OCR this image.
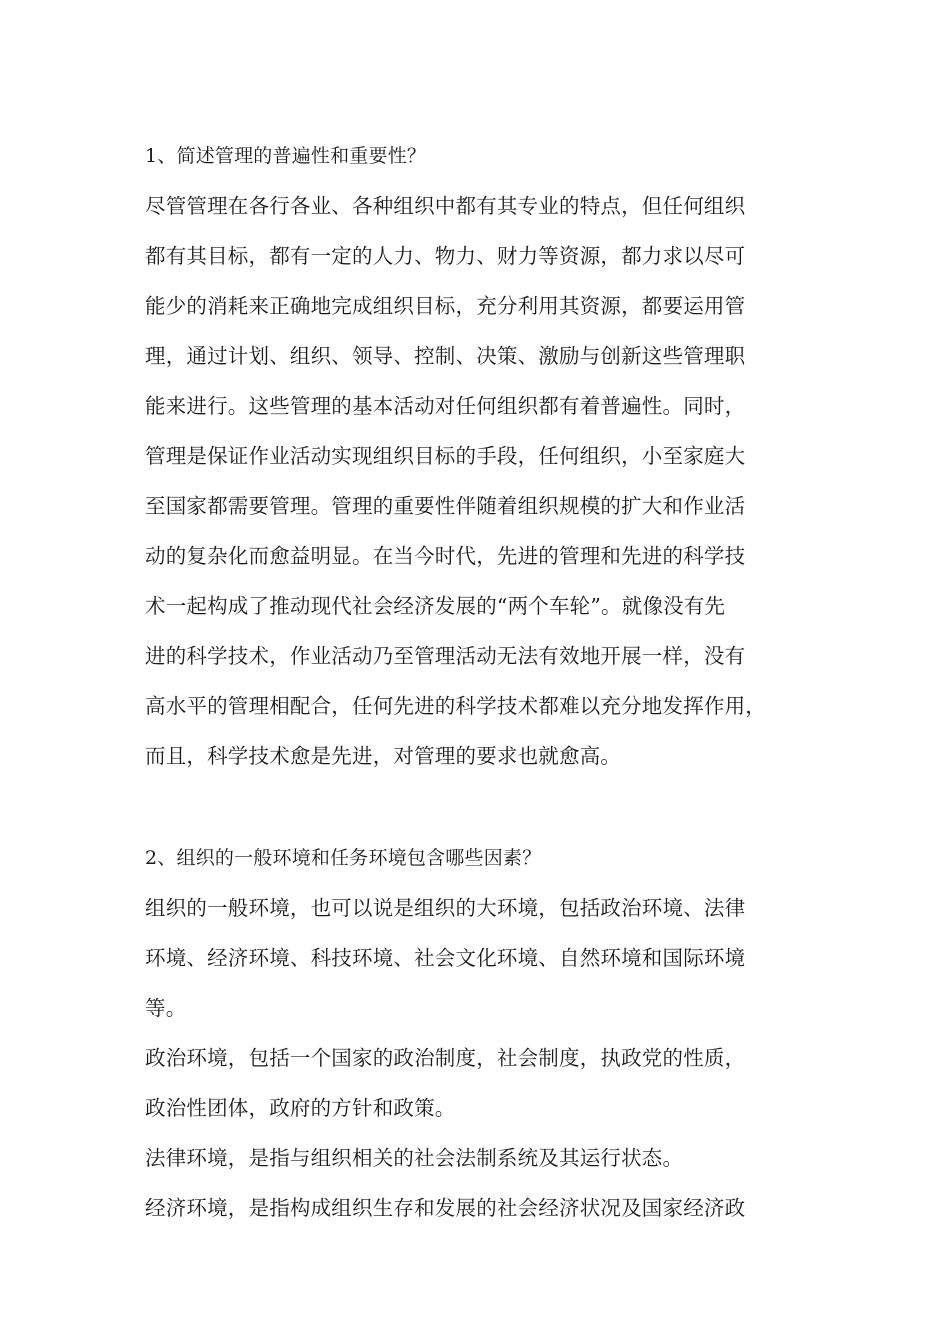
1、简述管理的普遍性和重要性？
尽管管理在各行各业、各种组织中都有其专业的特点，但任何组织
都有其目标，都有一定的人力、物力、财力等资源，都力求以尽可
能少的消耗来正确地完成组织目标，充分利用其资源，都要运用管
理，通过计划、组织、领导、控制、决策、激励与创新这些管理职
能来进行。这些管理的基本活动对任何组织都有着普遍性。同时，
管理是保证作业活动实现组织目标的手段，任何组织，小至家庭大
至国家都需要管理。管理的重要性伴随着组织规模的扩大和作业活
动的复杂化而愈益明显。在当今时代，先进的管理和先进的科学技
术一起构成了推动现代社会经济发展的“两个车轮”。就像没有先
进的科学技术，作业活动乃至管理活动无法有效地开展一样，没有
高水平的管理相配合，任何先进的科学技术都难以充分地发挥作用，
而且，科学技术愈是先进，对管理的要求也就愈高。
2、组织的一般环境和任务环境包含哪些因素？
组织的一般环境，也可以说是组织的大环境，包括政治环境、法律
环境、经济环境、科技环境、社会文化环境、自然环境和国际环境
等。
政治环境，包括一个国家的政治制度，社会制度，执政党的性质，
政治性团体，政府的方针和政策。
法律环境，是指与组织相关的社会法制系统及其运行状态。
经济环境，是指构成组织生存和发展的社会经济状况及国家经济政
